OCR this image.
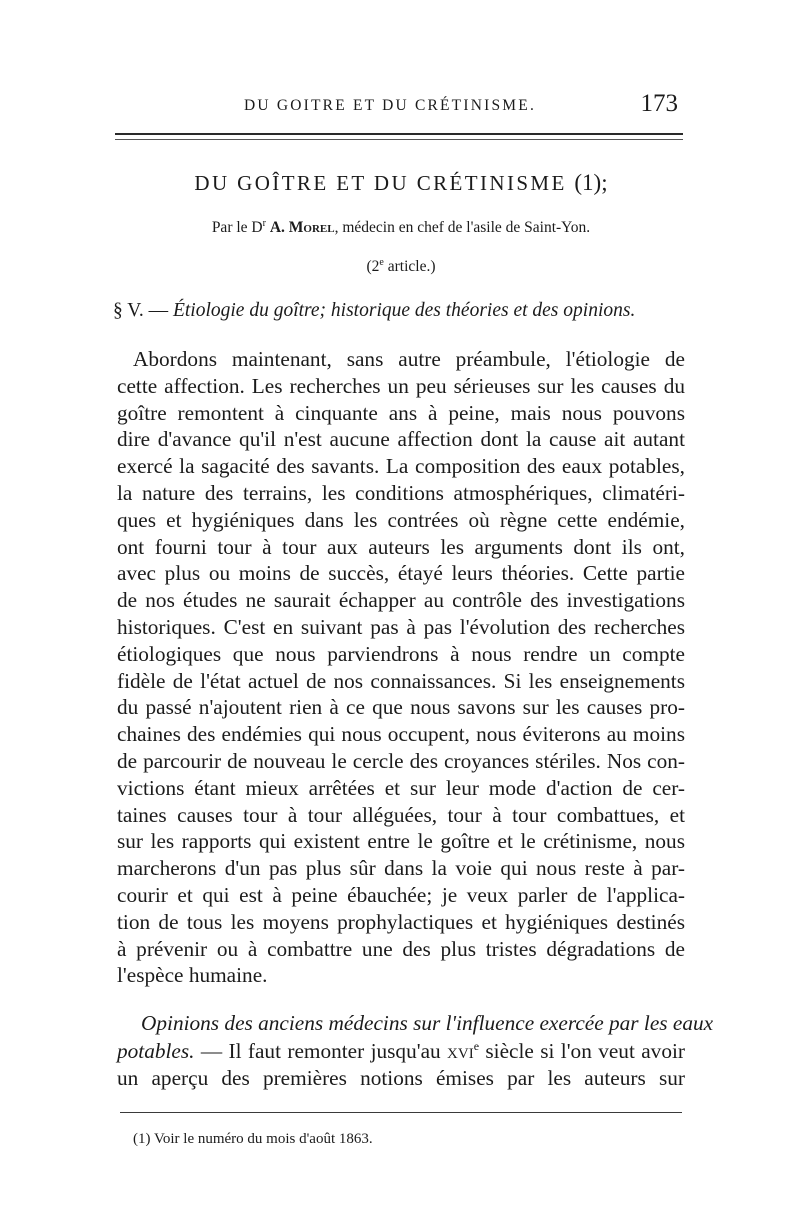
DU GOITRE ET DU CRÉTINISME.	173
DU GOÎTRE ET DU CRÉTINISME (1);
Par le $D^r$ A. Morel, médecin en chef de l'asile de Saint-Yon.
(2e article.)
§ V. — Étiologie du goître; historique des théories et des opinions.
Abordons maintenant, sans autre préambule, l'étiologie de
cette affection. Les recherches un peu sérieuses sur les causes du
goître remontent à cinquante ans à peine, mais nous pouvons
dire d'avance qu'il n'est aucune affection dont la cause ait autant
exercé la sagacité des savants. La composition des eaux potables,
la nature des terrains, les conditions atmosphériques, climatéri-
ques et hygiéniques dans les contrées où règne cette endémie,
ont fourni tour à tour aux auteurs les arguments dont ils ont,
avec plus ou moins de succès, étayé leurs théories. Cette partie
de nos études ne saurait échapper au contrôle des investigations
historiques. C'est en suivant pas à pas l'évolution des recherches
étiologiques que nous parviendrons à nous rendre un compte
fidèle de l'état actuel de nos connaissances. Si les enseignements
du passé n'ajoutent rien à ce que nous savons sur les causes pro-
chaines des endémies qui nous occupent, nous éviterons au moins
de parcourir de nouveau le cercle des croyances stériles. Nos con-
victions étant mieux arrêtées et sur leur mode d'action de cer-
taines causes tour à tour alléguées, tour à tour combattues, et
sur les rapports qui existent entre le goître et le crétinisme, nous
marcherons d'un pas plus sûr dans la voie qui nous reste à par-
courir et qui est à peine ébauchée; je veux parler de l'applica-
tion de tous les moyens prophylactiques et hygiéniques destinés
à prévenir ou à combattre une des plus tristes dégradations de
l'espèce humaine.
Opinions des anciens médecins sur l'influence exercée par les eaux
potables. — Il faut remonter jusqu'au xvi$^e$ siècle si l'on veut avoir
un aperçu des premières notions émises par les auteurs sur
(1) Voir le numéro du mois d'août 1863.
